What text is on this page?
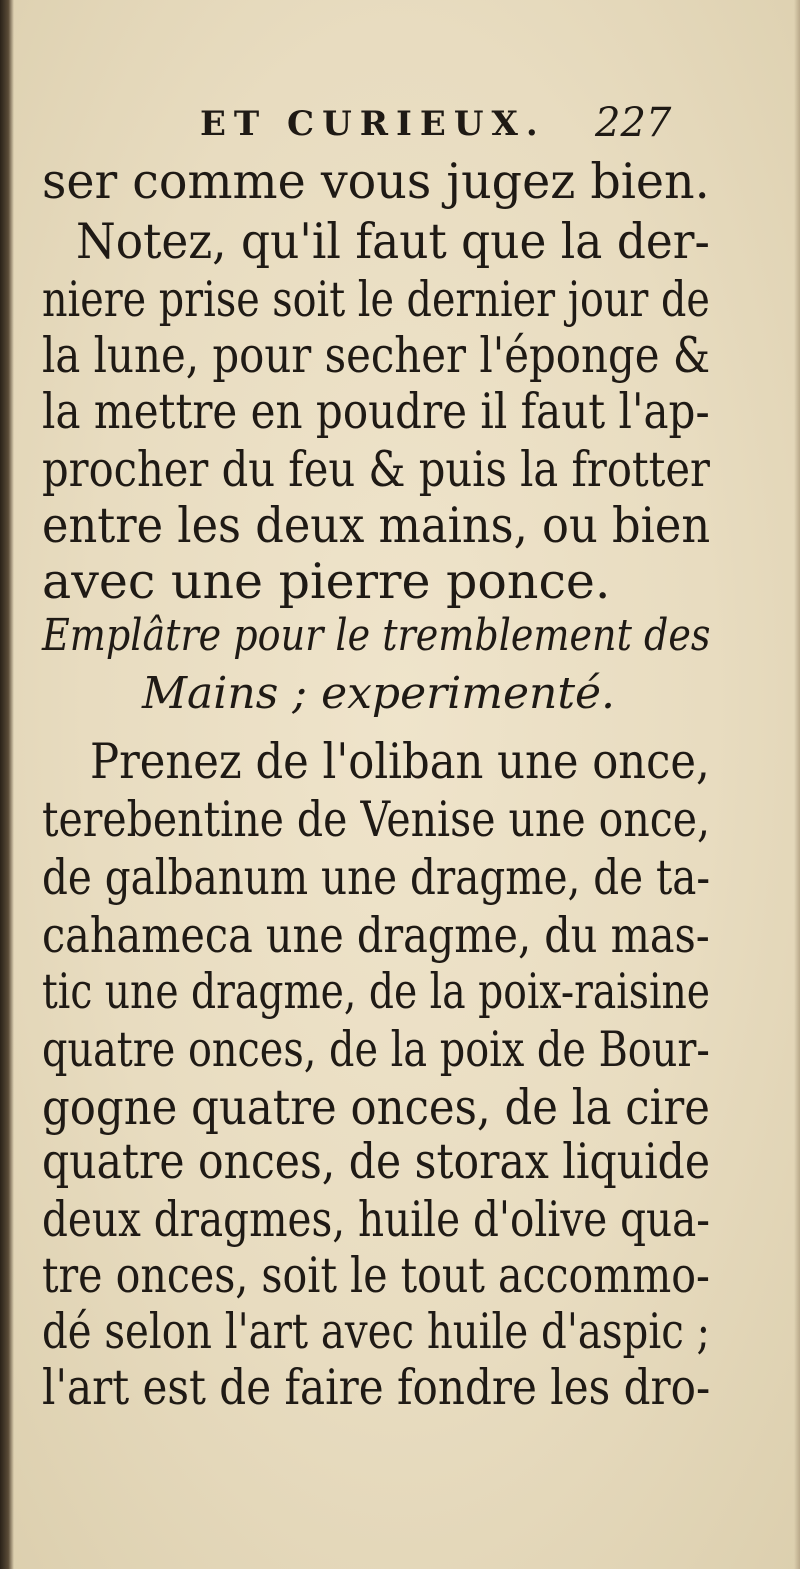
ET CURIEUX. 227
ser comme vous jugez bien.
Notez, qu'il faut que la der-
niere prise soit le dernier jour de
la lune, pour secher l'éponge &
la mettre en poudre il faut l'ap-
procher du feu & puis la frotter
entre les deux mains, ou bien
avec une pierre ponce.
Emplâtre pour le tremblement des
Mains ; experimenté.
Prenez de l'oliban une once,
terebentine de Venise une once,
de galbanum une dragme, de ta-
cahameca une dragme, du mas-
tic une dragme, de la poix-raisine
quatre onces, de la poix de Bour-
gogne quatre onces, de la cire
quatre onces, de storax liquide
deux dragmes, huile d'olive qua-
tre onces, soit le tout accommo-
dé selon l'art avec huile d'aspic ;
l'art est de faire fondre les dro-
